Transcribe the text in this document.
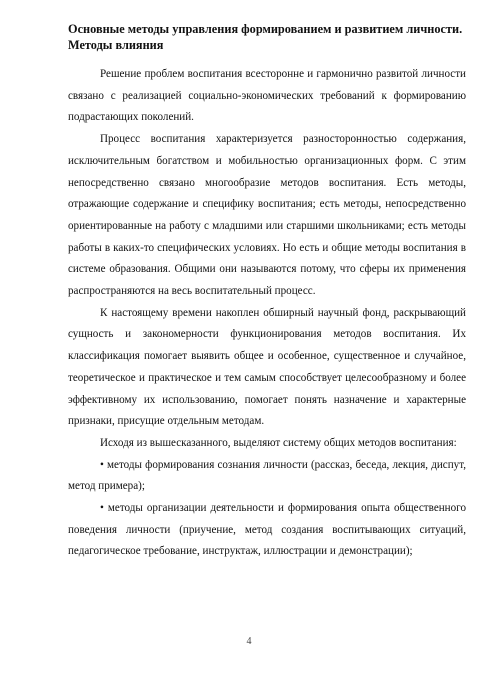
Основные методы управления формированием и развитием личности. Методы влияния

Решение проблем воспитания всесторонне и гармонично развитой личности связано с реализацией социально-экономических требований к формированию подрастающих поколений.

Процесс воспитания характеризуется разносторонностью содержания, исключительным богатством и мобильностью организационных форм. С этим непосредственно связано многообразие методов воспитания. Есть методы, отражающие содержание и специфику воспитания; есть методы, непосредственно ориентированные на работу с младшими или старшими школьниками; есть методы работы в каких-то специфических условиях. Но есть и общие методы воспитания в системе образования. Общими они называются потому, что сферы их применения распространяются на весь воспитательный процесс.

К настоящему времени накоплен обширный научный фонд, раскрывающий сущность и закономерности функционирования методов воспитания. Их классификация помогает выявить общее и особенное, существенное и случайное, теоретическое и практическое и тем самым способствует целесообразному и более эффективному их использованию, помогает понять назначение и характерные признаки, присущие отдельным методам.

Исходя из вышесказанного, выделяют систему общих методов воспитания:

• методы формирования сознания личности (рассказ, беседа, лекция, диспут, метод примера);

• методы организации деятельности и формирования опыта общественного поведения личности (приучение, метод создания воспитывающих ситуаций, педагогическое требование, инструктаж, иллюстрации и демонстрации);

4
